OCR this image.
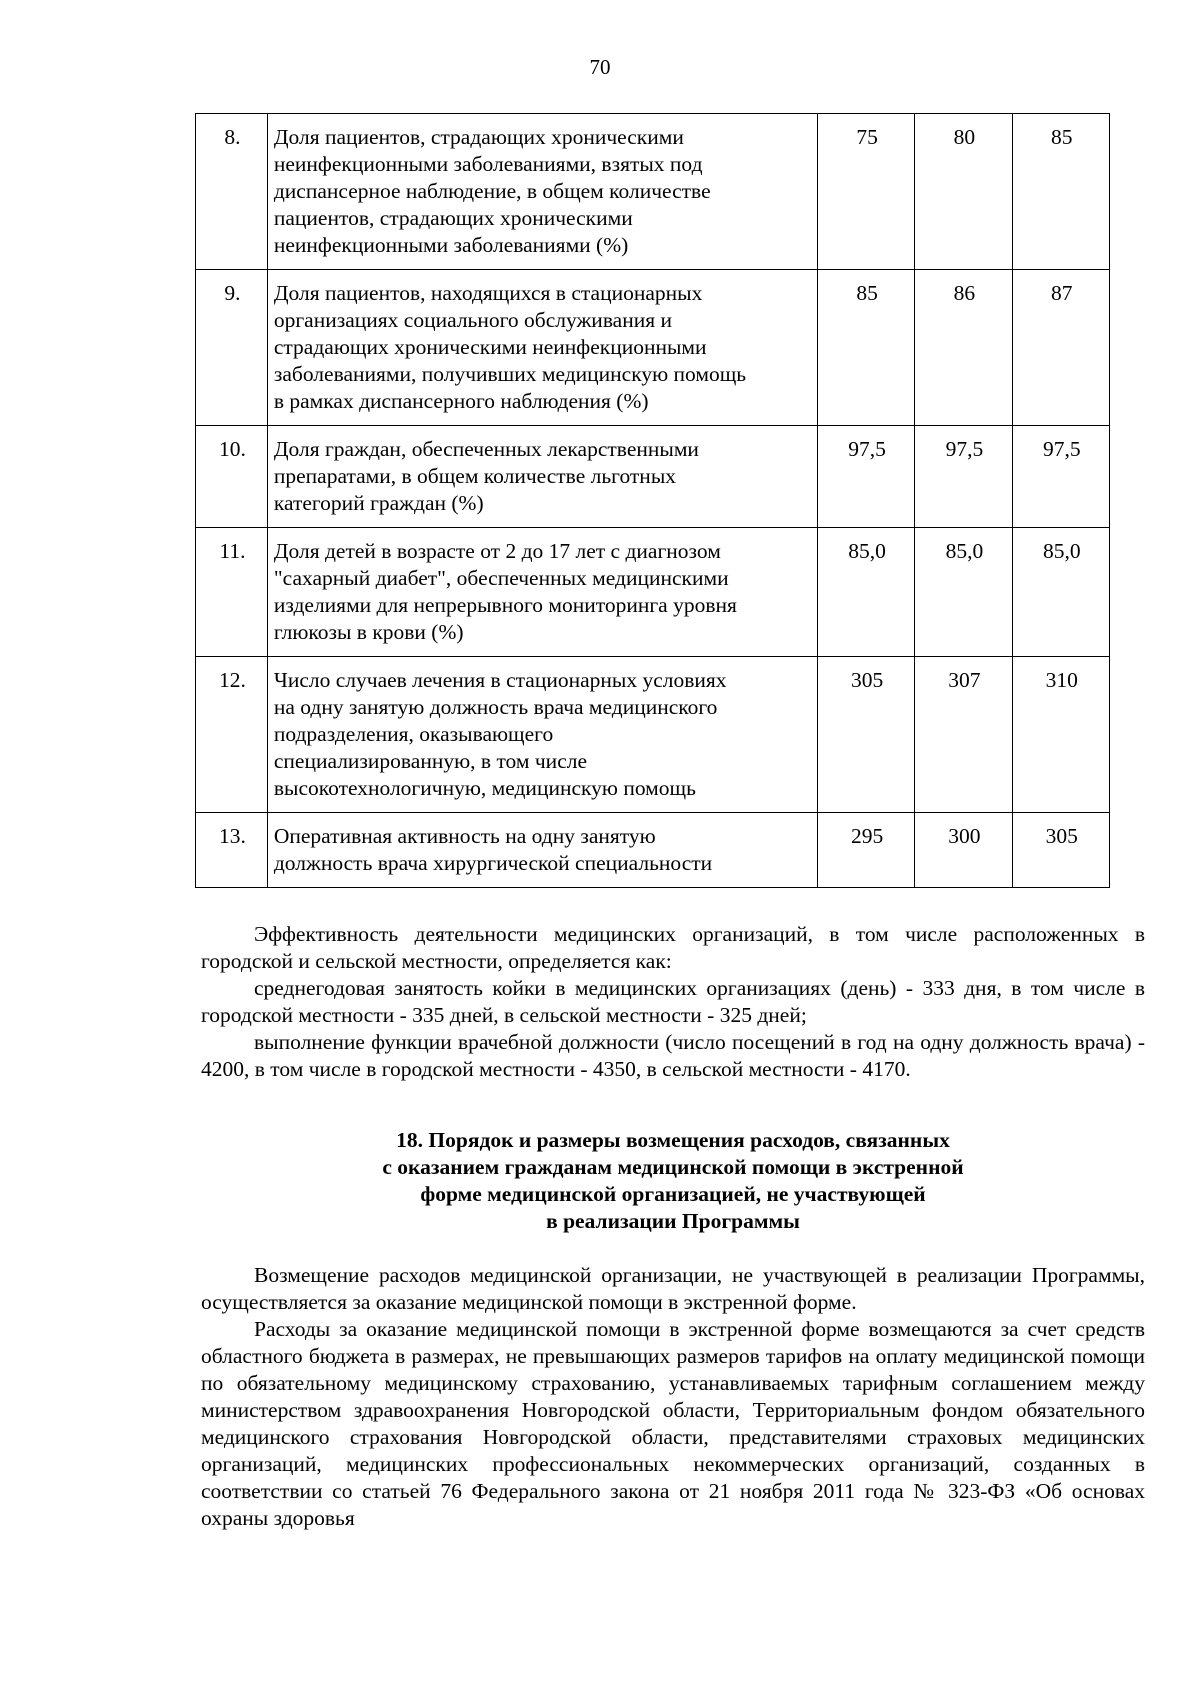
70
8.	Доля пациентов, страдающих хроническими
неинфекционными заболеваниями, взятых под
диспансерное наблюдение, в общем количестве
пациентов, страдающих хроническими
неинфекционными заболеваниями (%)	75	80	85
9.	Доля пациентов, находящихся в стационарных
организациях социального обслуживания и
страдающих хроническими неинфекционными
заболеваниями, получивших медицинскую помощь
в рамках диспансерного наблюдения (%)	85	86	87
10.	Доля граждан, обеспеченных лекарственными
препаратами, в общем количестве льготных
категорий граждан (%)	97,5	97,5	97,5
11.	Доля детей в возрасте от 2 до 17 лет с диагнозом
"сахарный диабет", обеспеченных медицинскими
изделиями для непрерывного мониторинга уровня
глюкозы в крови (%)	85,0	85,0	85,0
12.	Число случаев лечения в стационарных условиях
на одну занятую должность врача медицинского
подразделения, оказывающего
специализированную, в том числе
высокотехнологичную, медицинскую помощь	305	307	310
13.	Оперативная активность на одну занятую
должность врача хирургической специальности	295	300	305

Эффективность деятельности медицинских организаций, в том числе расположенных в городской и сельской местности, определяется как:

среднегодовая занятость койки в медицинских организациях (день) - 333 дня, в том числе в городской местности - 335 дней, в сельской местности - 325 дней;

выполнение функции врачебной должности (число посещений в год на одну должность врача) - 4200, в том числе в городской местности - 4350, в сельской местности - 4170.

18. Порядок и размеры возмещения расходов, связанных
с оказанием гражданам медицинской помощи в экстренной
форме медицинской организацией, не участвующей
в реализации Программы

Возмещение расходов медицинской организации, не участвующей в реализации Программы, осуществляется за оказание медицинской помощи в экстренной форме.

Расходы за оказание медицинской помощи в экстренной форме возмещаются за счет средств областного бюджета в размерах, не превышающих размеров тарифов на оплату медицинской помощи по обязательному медицинскому страхованию, устанавливаемых тарифным соглашением между министерством здравоохранения Новгородской области, Территориальным фондом обязательного медицинского страхования Новгородской области, представителями страховых медицинских организаций, медицинских профессиональных некоммерческих организаций, созданных в соответствии со статьей 76 Федерального закона от 21 ноября 2011 года № 323-ФЗ «Об основах охраны здоровья
